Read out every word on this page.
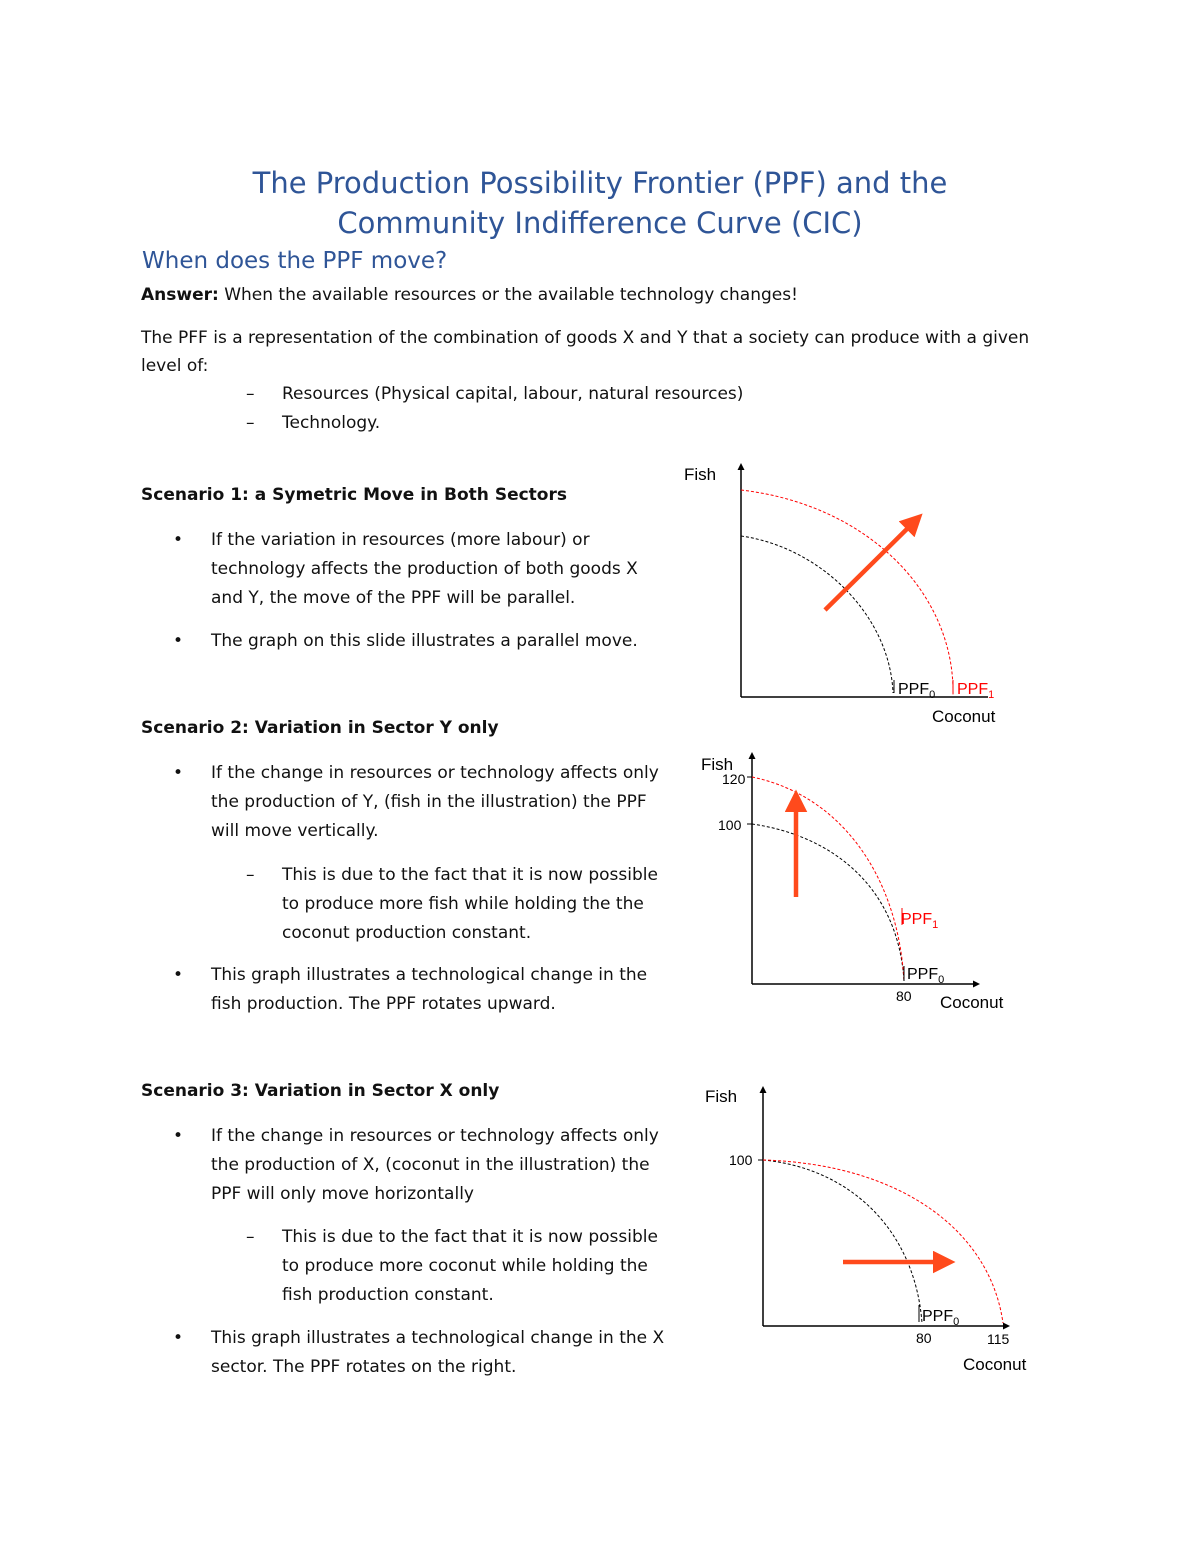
The Production Possibility Frontier (PPF) and the
Community Indifference Curve (CIC)
When does the PPF move?
Answer: When the available resources or the available technology changes!
The PFF is a representation of the combination of goods X and Y that a society can produce with a given
level of:
– Resources (Physical capital, labour, natural resources)
– Technology.
Scenario 1: a Symetric Move in Both Sectors
• If the variation in resources (more labour) or
technology affects the production of both goods X
and Y, the move of the PPF will be parallel.
• The graph on this slide illustrates a parallel move.
Scenario 2: Variation in Sector Y only
• If the change in resources or technology affects only
the production of Y, (fish in the illustration) the PPF
will move vertically.
– This is due to the fact that it is now possible
to produce more fish while holding the the
coconut production constant.
• This graph illustrates a technological change in the
fish production. The PPF rotates upward.
Scenario 3: Variation in Sector X only
• If the change in resources or technology affects only
the production of X, (coconut in the illustration) the
PPF will only move horizontally
– This is due to the fact that it is now possible
to produce more coconut while holding the
fish production constant.
• This graph illustrates a technological change in the X
sector. The PPF rotates on the right.
Fish
Coconut
$PPF_0$ $PPF_1$
Fish
120
100
80 Coconut
$PPF_1$
$PPF_0$
Fish
100
80	115
Coconut
$PPF_0$
